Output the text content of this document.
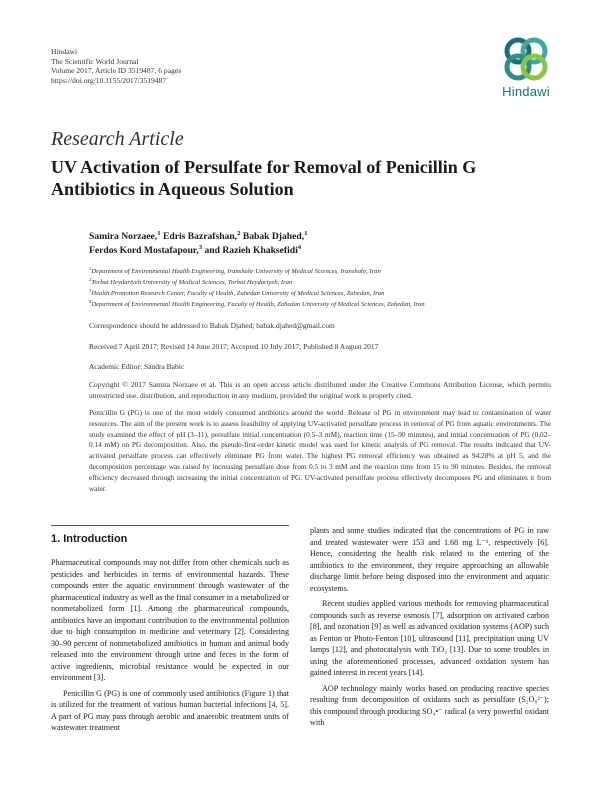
Hindawi
The Scientific World Journal
Volume 2017, Article ID 3519487, 6 pages
https://doi.org/10.1155/2017/3519487
Hindawi
Research Article
UV Activation of Persulfate for Removal of Penicillin G Antibiotics in Aqueous Solution
Samira Norzaee,$^1$ Edris Bazrafshan,$^2$ Babak Djahed,$^1$
Ferdos Kord Mostafapour,$^3$ and Razieh Khaksefidi$^4$
$^1$Department of Environmental Health Engineering, Iranshahr University of Medical Sciences, Iranshahr, Iran
$^2$Torbat Heydariyeh University of Medical Sciences, Torbat Heydariyeh, Iran
$^3$Health Promotion Research Center, Faculty of Health, Zahedan University of Medical Sciences, Zahedan, Iran
$^4$Department of Environmental Health Engineering, Faculty of Health, Zahedan University of Medical Sciences, Zahedan, Iran
Correspondence should be addressed to Babak Djahed; babak.djahed@gmail.com
Received 7 April 2017; Revised 14 June 2017; Accepted 10 July 2017; Published 8 August 2017
Academic Editor: Sandra Babic
Copyright © 2017 Samira Norzaee et al. This is an open access article distributed under the Creative Commons Attribution License, which permits unrestricted use, distribution, and reproduction in any medium, provided the original work is properly cited.
Penicillin G (PG) is one of the most widely consumed antibiotics around the world. Release of PG in environment may lead to contamination of water resources. The aim of the present work is to assess feasibility of applying UV-activated persulfate process in removal of PG from aquatic environments. The study examined the effect of pH (3–11), persulfate initial concentration (0.5–3 mM), reaction time (15–90 minutes), and initial concentration of PG (0.02–0.14 mM) on PG decomposition. Also, the pseudo-first-order kinetic model was used for kinetic analysis of PG removal. The results indicated that UV-activated persulfate process can effectively eliminate PG from water. The highest PG removal efficiency was obtained as 94.28% at pH 5, and the decomposition percentage was raised by increasing persulfate dose from 0.5 to 3 mM and the reaction time from 15 to 90 minutes. Besides, the removal efficiency decreased through increasing the initial concentration of PG. UV-activated persulfate process effectively decomposes PG and eliminates it from water.
1. Introduction

Pharmaceutical compounds may not differ from other chemicals such as pesticides and herbicides in terms of environmental hazards. These compounds enter the aquatic environment through wastewater of the pharmaceutical industry as well as the final consumer in a metabolized or nonmetabolized form [1]. Among the pharmaceutical compounds, antibiotics have an important contribution to the environmental pollution due to high consumption in medicine and veterinary [2]. Considering 30–90 percent of nonmetabolized antibiotics in human and animal body released into the environment through urine and feces in the form of active ingredients, microbial resistance would be expected in our environment [3].

Penicillin G (PG) is one of commonly used antibiotics (Figure 1) that is utilized for the treatment of various human bacterial infections [4, 5]. A part of PG may pass through aerobic and anaerobic treatment units of wastewater treatment

plants and some studies indicated that the concentrations of PG in raw and treated wastewater were 153 and 1.68 mg L⁻¹, respectively [6]. Hence, considering the health risk related to the entering of the antibiotics to the environment, they require approaching an allowable discharge limit before being disposed into the environment and aquatic ecosystems.

Recent studies applied various methods for removing pharmaceutical compounds such as reverse osmosis [7], adsorption on activated carbon [8], and ozonation [9] as well as advanced oxidation systems (AOP) such as Fenton or Photo-Fenton [10], ultrasound [11], precipitation using UV lamps [12], and photocatalysis with TiO₂ [13]. Due to some troubles in using the aforementioned processes, advanced oxidation system has gained interest in recent years [14].

AOP technology mainly works based on producing reactive species resulting from decomposition of oxidants such as persulfate (S₂O₈²⁻); this compound through producing SO₄•⁻ radical (a very powerful oxidant with
